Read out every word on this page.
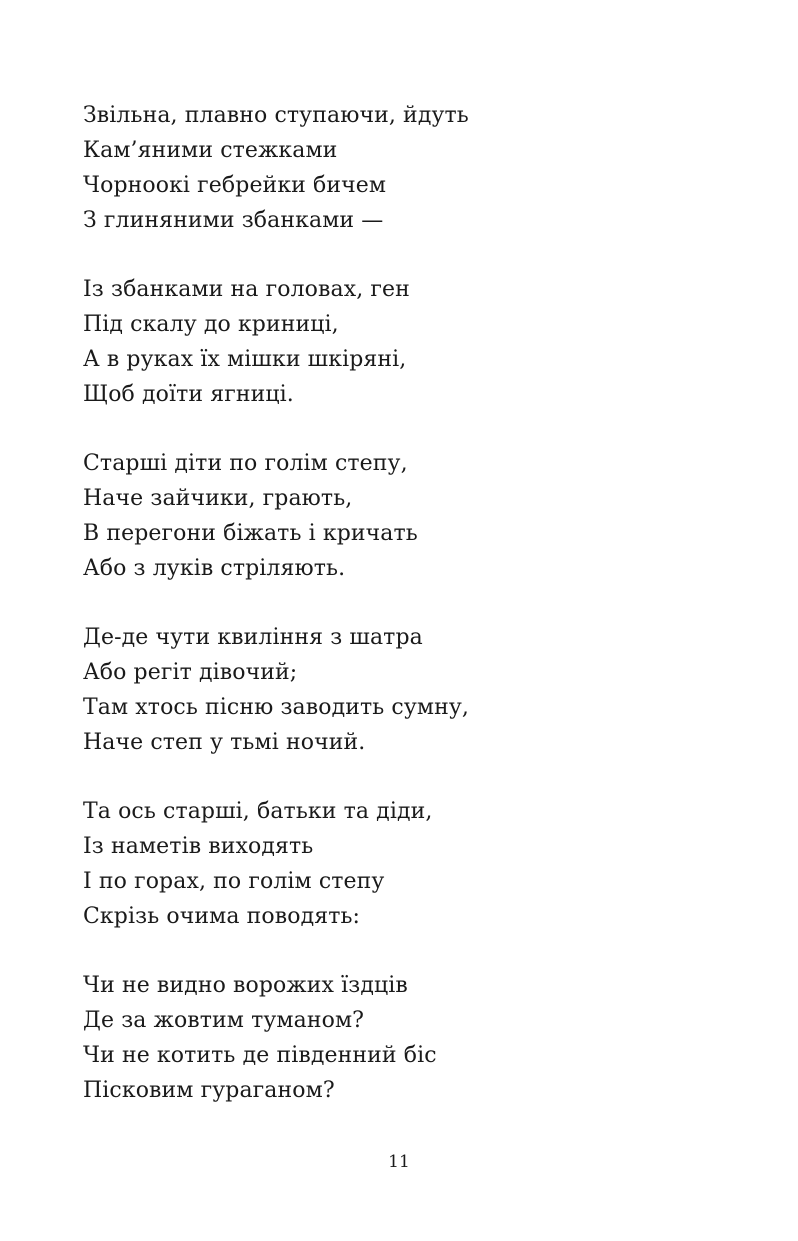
Звільна, плавно ступаючи, йдуть
Кам’яними стежками
Чорноокі гебрейки бичем
З глиняними збанками —
Із збанками на головах, ген
Під скалу до криниці,
А в руках їх мішки шкіряні,
Щоб доїти ягниці.
Старші діти по голім степу,
Наче зайчики, грають,
В перегони біжать і кричать
Або з луків стріляють.
Де-де чути квиління з шатра
Або регіт дівочий;
Там хтось пісню заводить сумну,
Наче степ у тьмі ночий.
Та ось старші, батьки та діди,
Із наметів виходять
І по горах, по голім степу
Скрізь очима поводять:
Чи не видно ворожих їздців
Де за жовтим туманом?
Чи не котить де південний біс
Пісковим гураганом?
11
